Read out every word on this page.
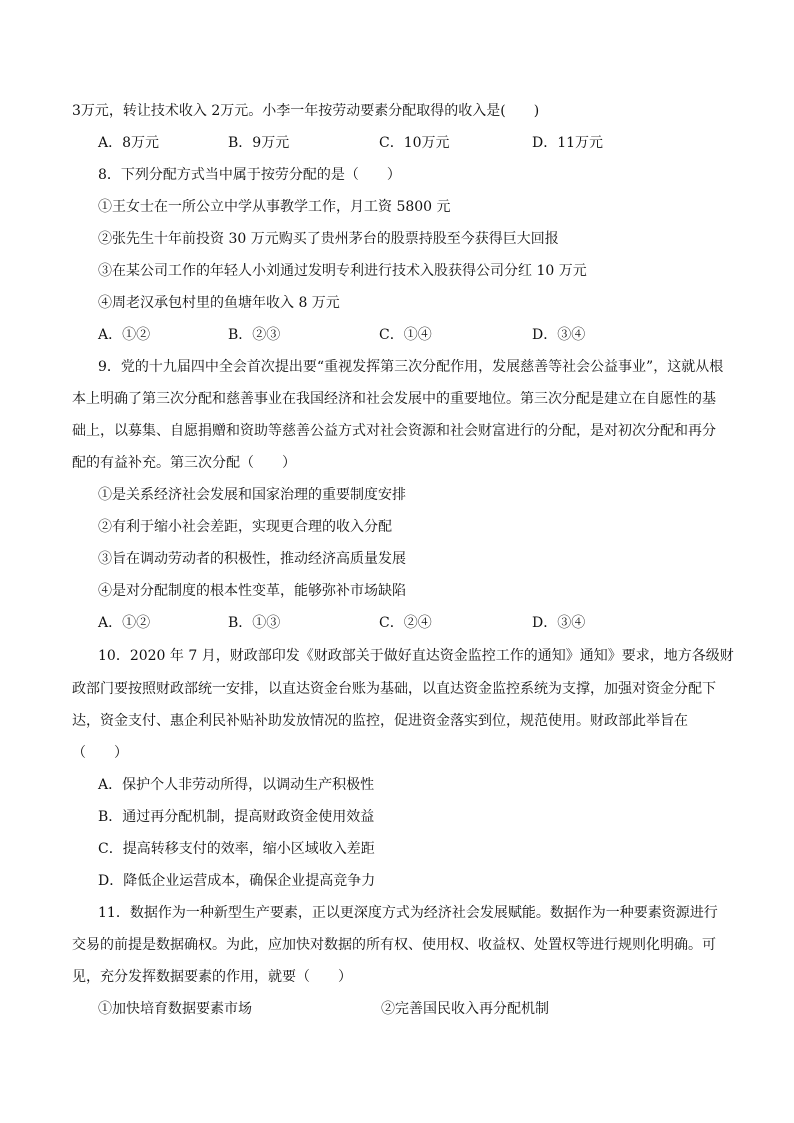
3万元，转让技术收入 2万元。小李一年按劳动要素分配取得的收入是(　　)
A．8万元	B．9万元	C．10万元	D．11万元
8．下列分配方式当中属于按劳分配的是（　　）
①王女士在一所公立中学从事教学工作，月工资 5800 元
②张先生十年前投资 30 万元购买了贵州茅台的股票持股至今获得巨大回报
③在某公司工作的年轻人小刘通过发明专利进行技术入股获得公司分红 10 万元
④周老汉承包村里的鱼塘年收入 8 万元
A．①②	B．②③	C．①④	D．③④
9．党的十九届四中全会首次提出要“重视发挥第三次分配作用，发展慈善等社会公益事业”，这就从根
本上明确了第三次分配和慈善事业在我国经济和社会发展中的重要地位。第三次分配是建立在自愿性的基
础上，以募集、自愿捐赠和资助等慈善公益方式对社会资源和社会财富进行的分配，是对初次分配和再分
配的有益补充。第三次分配（　　）
①是关系经济社会发展和国家治理的重要制度安排
②有利于缩小社会差距，实现更合理的收入分配
③旨在调动劳动者的积极性，推动经济高质量发展
④是对分配制度的根本性变革，能够弥补市场缺陷
A．①②	B．①③	C．②④	D．③④
10．2020 年 7 月，财政部印发《财政部关于做好直达资金监控工作的通知》通知》要求，地方各级财
政部门要按照财政部统一安排，以直达资金台账为基础，以直达资金监控系统为支撑，加强对资金分配下
达，资金支付、惠企利民补贴补助发放情况的监控，促进资金落实到位，规范使用。财政部此举旨在
（　　）
A．保护个人非劳动所得，以调动生产积极性
B．通过再分配机制，提高财政资金使用效益
C．提高转移支付的效率，缩小区域收入差距
D．降低企业运营成本，确保企业提高竞争力
11．数据作为一种新型生产要素，正以更深度方式为经济社会发展赋能。数据作为一种要素资源进行
交易的前提是数据确权。为此，应加快对数据的所有权、使用权、收益权、处置权等进行规则化明确。可
见，充分发挥数据要素的作用，就要（　　）
①加快培育数据要素市场	②完善国民收入再分配机制
